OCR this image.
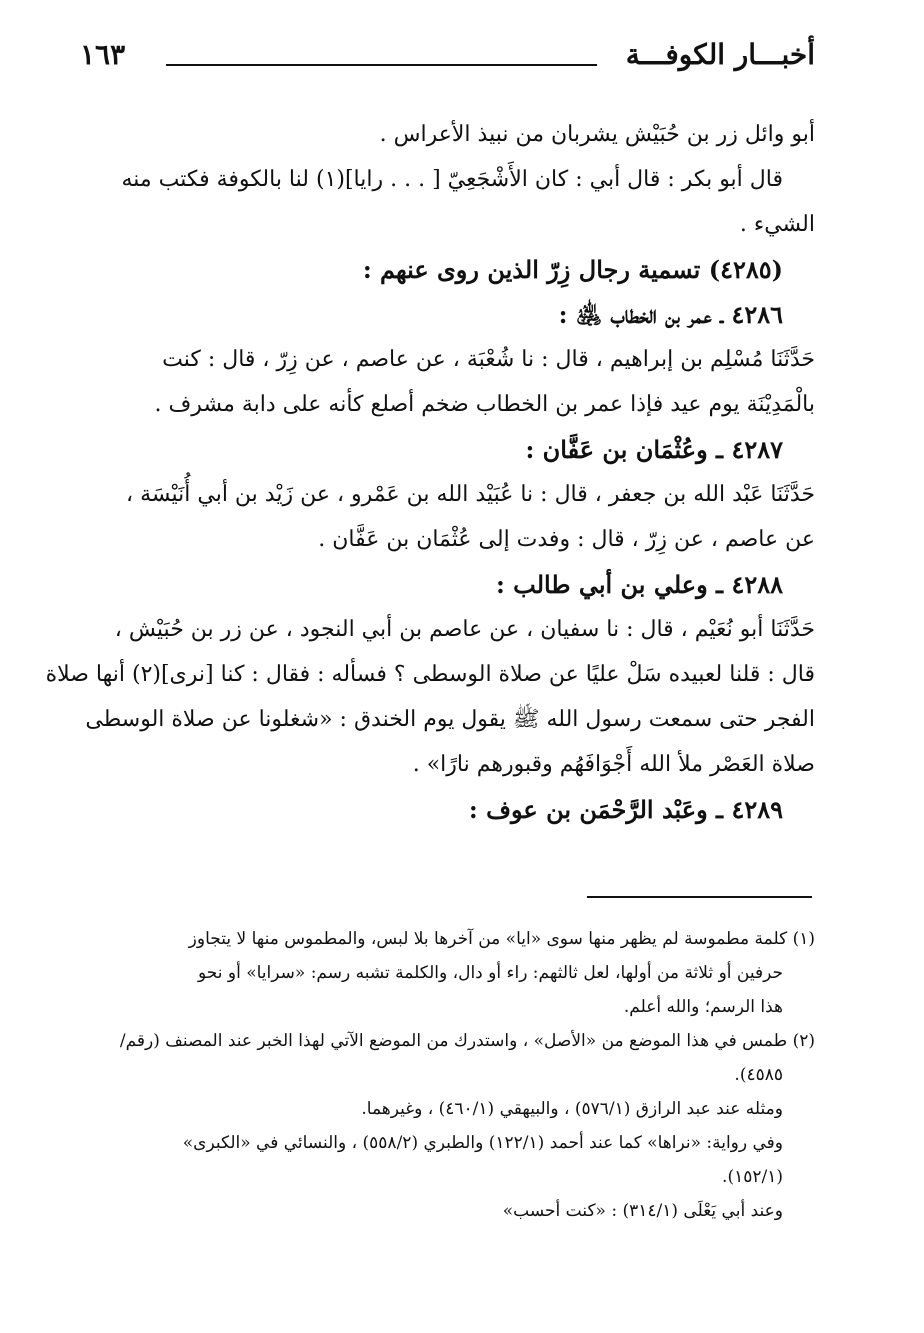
أخبـــار الكوفـــة
١٦٣
أبو وائل زر بن حُبَيْش يشربان من نبيذ الأعراس .
قال أبو بكر : قال أبي : كان الأَشْجَعِيّ [ . . . رايا](١) لنا بالكوفة فكتب منه
الشيء .
(٤٢٨٥) تسمية رجال زِرّ الذين روى عنهم :
٤٢٨٦ ـ عمر بن الخطاب ﵁ :
حَدَّثَنَا مُسْلِم بن إبراهيم ، قال : نا شُعْبَة ، عن عاصم ، عن زِرّ ، قال : كنت
بالْمَدِيْنَة يوم عيد فإذا عمر بن الخطاب ضخم أصلع كأنه على دابة مشرف .
٤٢٨٧ ـ وعُثْمَان بن عَفَّان :
حَدَّثَنَا عَبْد الله بن جعفر ، قال : نا عُبَيْد الله بن عَمْرو ، عن زَيْد بن أبي أُنَيْسَة ،
عن عاصم ، عن زِرّ ، قال : وفدت إلى عُثْمَان بن عَفَّان .
٤٢٨٨ ـ وعلي بن أبي طالب :
حَدَّثَنَا أبو نُعَيْم ، قال : نا سفيان ، عن عاصم بن أبي النجود ، عن زر بن حُبَيْش ،
قال : قلنا لعبيده سَلْ عليًا عن صلاة الوسطى ؟ فسأله : فقال : كنا [نرى](٢) أنها صلاة
الفجر حتى سمعت رسول الله ﷺ يقول يوم الخندق : «شغلونا عن صلاة الوسطى
صلاة العَصْر ملأ الله أَجْوَافَهُم وقبورهم نارًا» .
٤٢٨٩ ـ وعَبْد الرَّحْمَن بن عوف :
(١) كلمة مطموسة لم يظهر منها سوى «ايا» من آخرها بلا لبس، والمطموس منها لا يتجاوز
حرفين أو ثلاثة من أولها، لعل ثالثهم: راء أو دال، والكلمة تشبه رسم: «سرايا» أو نحو
هذا الرسم؛ والله أعلم.
(٢) طمس في هذا الموضع من «الأصل» ، واستدرك من الموضع الآتي لهذا الخبر عند المصنف (رقم/
٤٥٨٥).
ومثله عند عبد الرازق (٥٧٦/١) ، والبيهقي (٤٦٠/١) ، وغيرهما.
وفي رواية: «نراها» كما عند أحمد (١٢٢/١) والطبري (٥٥٨/٢) ، والنسائي في «الكبرى»
(١٥٢/١).
وعند أبي يَعْلَى (٣١٤/١) : «كنت أحسب»
